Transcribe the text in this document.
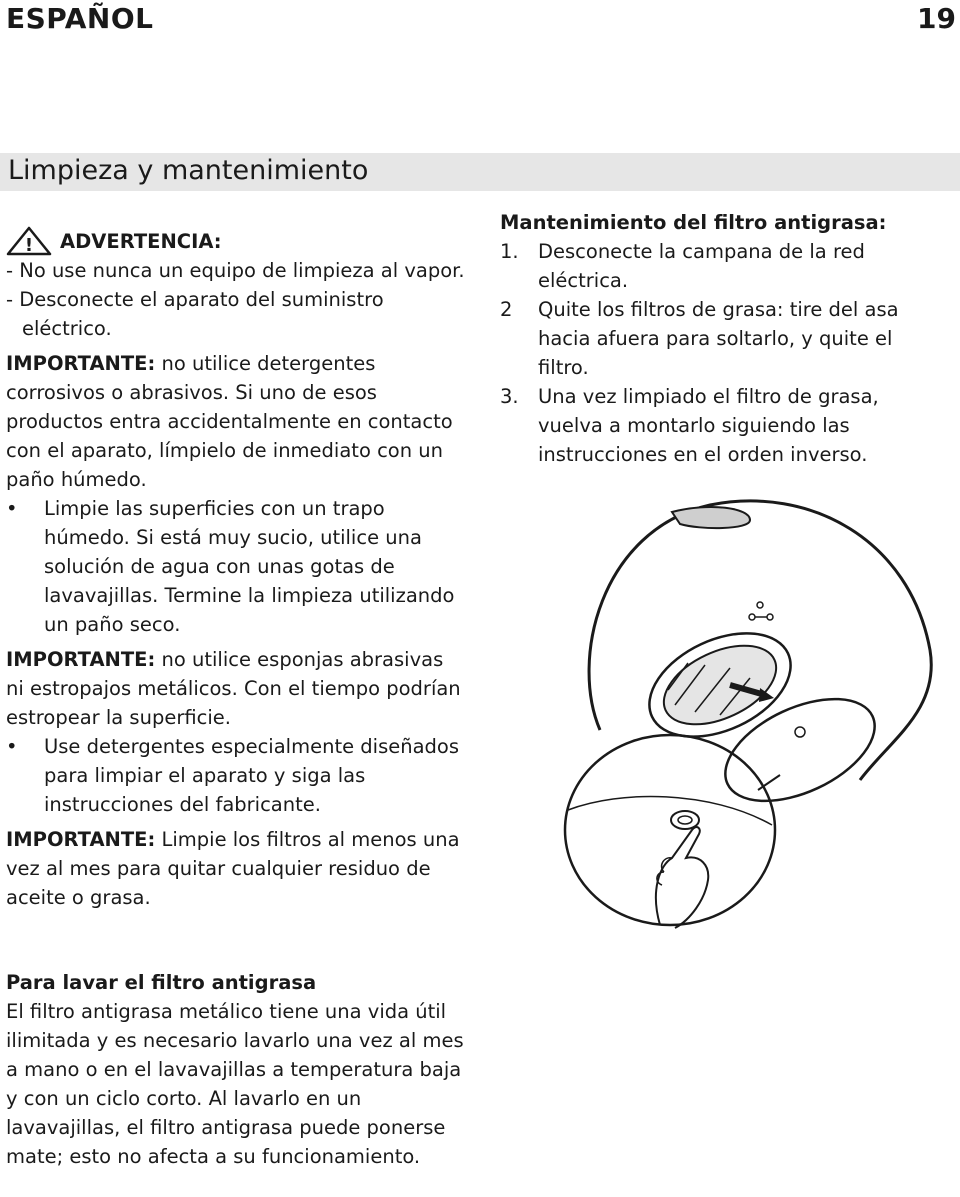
ESPAÑOL	19
Limpieza y mantenimiento
! ADVERTENCIA:

- No use nunca un equipo de limpieza al vapor.

- Desconecte el aparato del suministro eléctrico.

IMPORTANTE: no utilice detergentes corrosivos o abrasivos. Si uno de esos productos entra accidentalmente en contacto con el aparato, límpielo de inmediato con un paño húmedo.

•	Limpie las superficies con un trapo húmedo. Si está muy sucio, utilice una solución de agua con unas gotas de lavavajillas. Termine la limpieza utilizando un paño seco.

IMPORTANTE: no utilice esponjas abrasivas ni estropajos metálicos. Con el tiempo podrían estropear la superficie.

•	Use detergentes especialmente diseñados para limpiar el aparato y siga las instrucciones del fabricante.

IMPORTANTE: Limpie los filtros al menos una vez al mes para quitar cualquier residuo de aceite o grasa.

Para lavar el filtro antigrasa

El filtro antigrasa metálico tiene una vida útil ilimitada y es necesario lavarlo una vez al mes a mano o en el lavavajillas a temperatura baja y con un ciclo corto. Al lavarlo en un lavavajillas, el filtro antigrasa puede ponerse mate; esto no afecta a su funcionamiento.

Mantenimiento del filtro antigrasa:

1. Desconecte la campana de la red eléctrica.
2	Quite los filtros de grasa: tire del asa hacia afuera para soltarlo, y quite el filtro.
3. Una vez limpiado el filtro de grasa, vuelva a montarlo siguiendo las instrucciones en el orden inverso.
